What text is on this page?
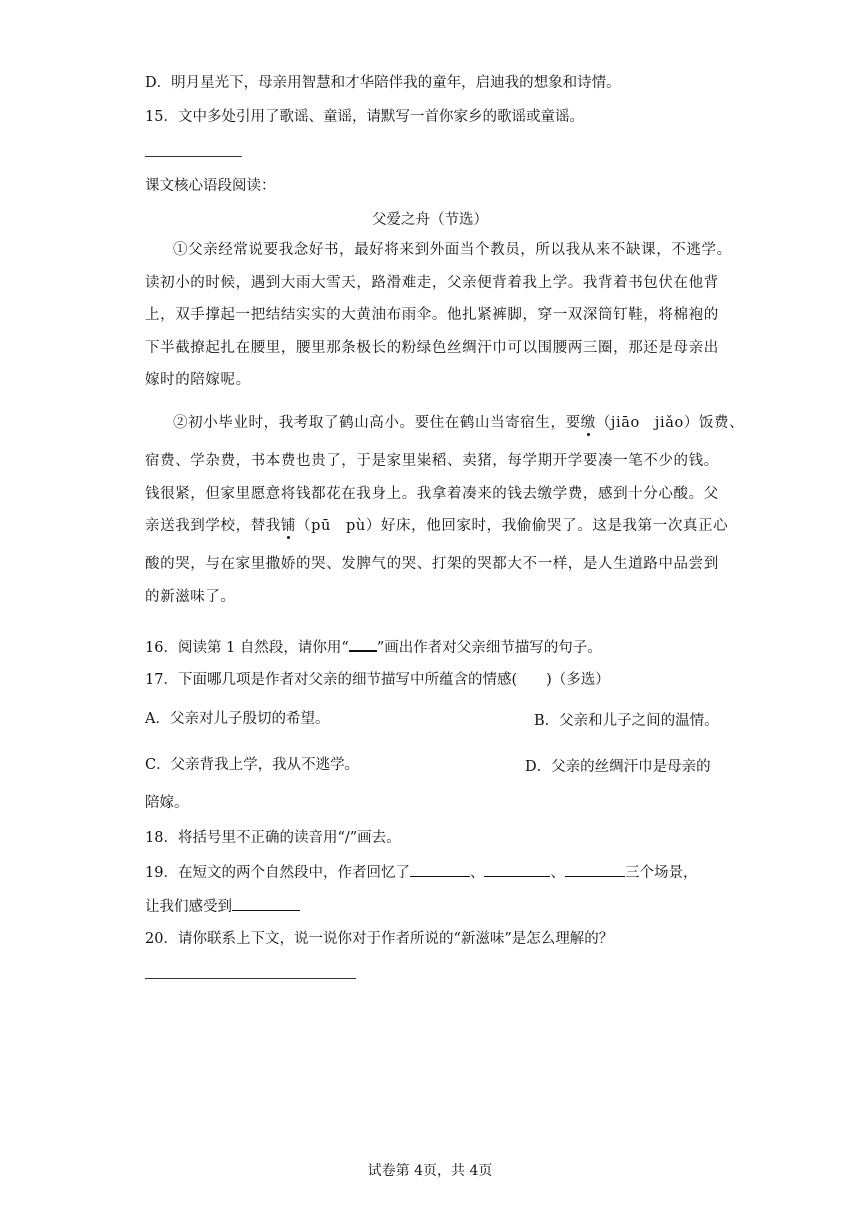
D．明月星光下，母亲用智慧和才华陪伴我的童年，启迪我的想象和诗情。
15．文中多处引用了歌谣、童谣，请默写一首你家乡的歌谣或童谣。
课文核心语段阅读：
父爱之舟（节选）
①父亲经常说要我念好书，最好将来到外面当个教员，所以我从来不缺课，不逃学。
读初小的时候，遇到大雨大雪天，路滑难走，父亲便背着我上学。我背着书包伏在他背
上，双手撑起一把结结实实的大黄油布雨伞。他扎紧裤脚，穿一双深筒钉鞋，将棉袍的
下半截撩起扎在腰里，腰里那条极长的粉绿色丝绸汗巾可以围腰两三圈，那还是母亲出
嫁时的陪嫁呢。
②初小毕业时，我考取了鹤山高小。要住在鹤山当寄宿生，要缴（jiāo　jiǎo）饭费、
宿费、学杂费，书本费也贵了，于是家里粜稻、卖猪，每学期开学要凑一笔不少的钱。
钱很紧，但家里愿意将钱都花在我身上。我拿着凑来的钱去缴学费，感到十分心酸。父
亲送我到学校，替我铺（pū　pù）好床，他回家时，我偷偷哭了。这是我第一次真正心
酸的哭，与在家里撒娇的哭、发脾气的哭、打架的哭都大不一样，是人生道路中品尝到
的新滋味了。
16．阅读第 1 自然段，请你用“ ”画出作者对父亲细节描写的句子。
17．下面哪几项是作者对父亲的细节描写中所蕴含的情感(　　)（多选）
A．父亲对儿子殷切的希望。	B．父亲和儿子之间的温情。
C．父亲背我上学，我从不逃学。	D．父亲的丝绸汗巾是母亲的
陪嫁。
18．将括号里不正确的读音用“/”画去。
19．在短文的两个自然段中，作者回忆了	、	、	三个场景，
让我们感受到
20．请你联系上下文，说一说你对于作者所说的“新滋味”是怎么理解的？
试卷第 4页，共 4页
